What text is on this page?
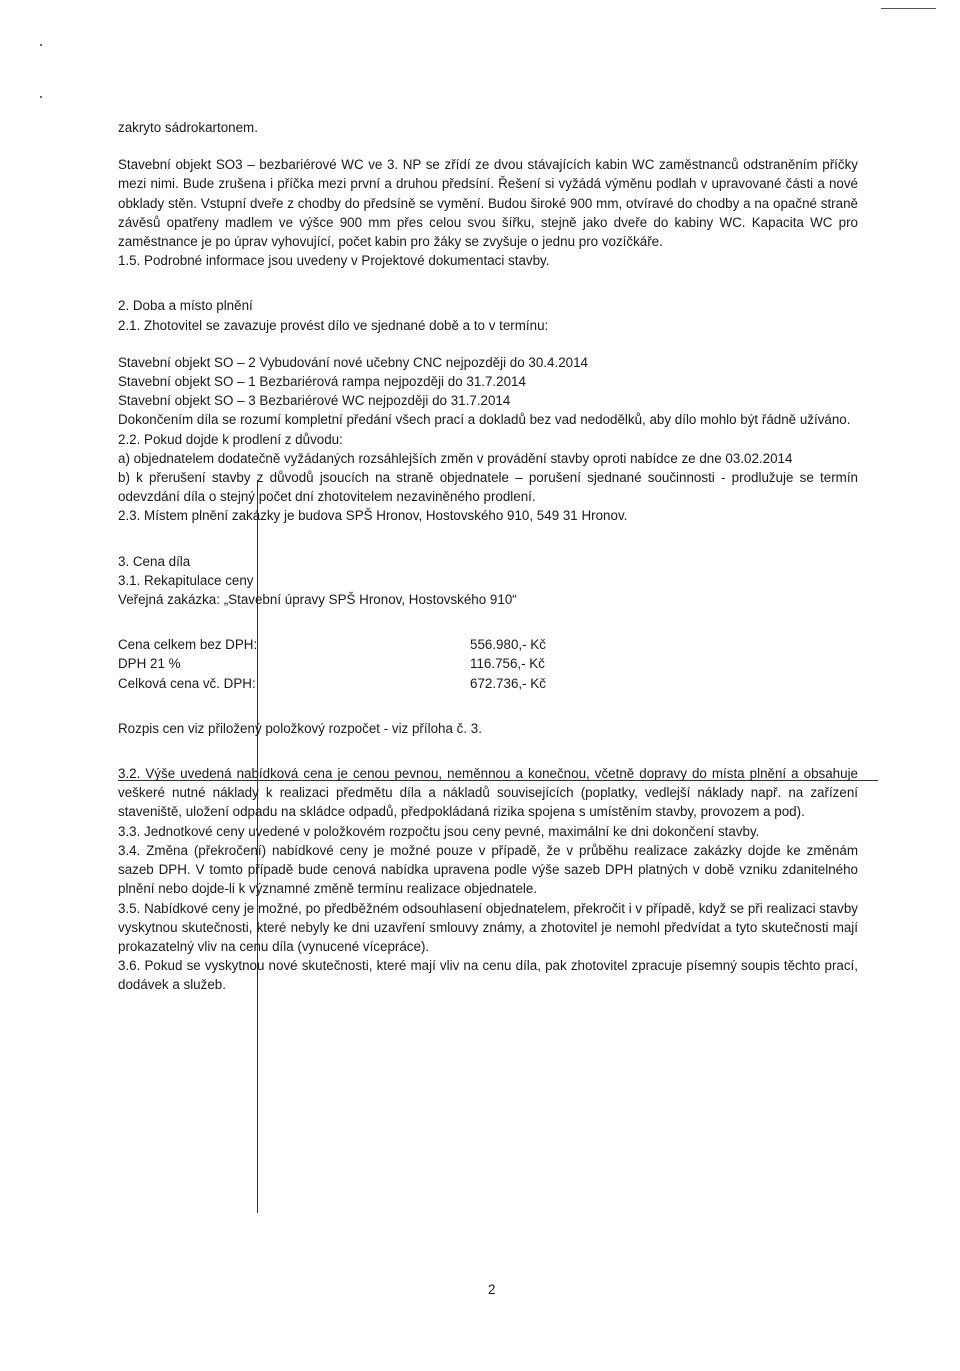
zakryto sádrokartonem.

Stavební objekt SO3 – bezbariérové WC ve 3. NP se zřídí ze dvou stávajících kabin WC zaměstnanců odstraněním příčky mezi nimi. Bude zrušena i příčka mezi první a druhou předsíní. Řešení si vyžádá výměnu podlah v upravované části a nové obklady stěn. Vstupní dveře z chodby do předsíně se vymění. Budou široké 900 mm, otvíravé do chodby a na opačné straně závěsů opatřeny madlem ve výšce 900 mm přes celou svou šířku, stejně jako dveře do kabiny WC. Kapacita WC pro zaměstnance je po úprav vyhovující, počet kabin pro žáky se zvyšuje o jednu pro vozíčkáře.

1.5. Podrobné informace jsou uvedeny v Projektové dokumentaci stavby.

2. Doba a místo plnění

2.1. Zhotovitel se zavazuje provést dílo ve sjednané době a to v termínu:

Stavební objekt SO – 2 Vybudování nové učebny CNC nejpozději do 30.4.2014

Stavební objekt SO – 1 Bezbariérová rampa nejpozději do 31.7.2014

Stavební objekt SO – 3 Bezbariérové WC nejpozději do 31.7.2014

Dokončením díla se rozumí kompletní předání všech prací a dokladů bez vad nedodělků, aby dílo mohlo být řádně užíváno.

2.2. Pokud dojde k prodlení z důvodu:

a) objednatelem dodatečně vyžádaných rozsáhlejších změn v provádění stavby oproti nabídce ze dne 03.02.2014

b) k přerušení stavby z důvodů jsoucích na straně objednatele – porušení sjednané součinnosti - prodlužuje se termín odevzdání díla o stejný počet dní zhotovitelem nezaviněného prodlení.

2.3. Místem plnění zakázky je budova SPŠ Hronov, Hostovského 910, 549 31 Hronov.

3. Cena díla

3.1. Rekapitulace ceny

Veřejná zakázka: „Stavební úpravy SPŠ Hronov, Hostovského 910“

Cena celkem bez DPH:	556.980,- Kč
DPH 21 %	116.756,- Kč
Celková cena vč. DPH:	672.736,- Kč

Rozpis cen viz přiložený položkový rozpočet - viz příloha č. 3.

3.2. Výše uvedená nabídková cena je cenou pevnou, neměnnou a konečnou, včetně dopravy do místa plnění a obsahuje veškeré nutné náklady k realizaci předmětu díla a nákladů souvisejících (poplatky, vedlejší náklady např. na zařízení staveniště, uložení odpadu na skládce odpadů, předpokládaná rizika spojena s umístěním stavby, provozem a pod).

3.3. Jednotkové ceny uvedené v položkovém rozpočtu jsou ceny pevné, maximální ke dni dokončení stavby.

3.4. Změna (překročení) nabídkové ceny je možné pouze v případě, že v průběhu realizace zakázky dojde ke změnám sazeb DPH. V tomto případě bude cenová nabídka upravena podle výše sazeb DPH platných v době vzniku zdanitelného plnění nebo dojde-li k významné změně termínu realizace objednatele.

3.5. Nabídkové ceny je možné, po předběžném odsouhlasení objednatelem, překročit i v případě, když se při realizaci stavby vyskytnou skutečnosti, které nebyly ke dni uzavření smlouvy známy, a zhotovitel je nemohl předvídat a tyto skutečnosti mají prokazatelný vliv na cenu díla (vynucené vícepráce).

3.6. Pokud se vyskytnou nové skutečnosti, které mají vliv na cenu díla, pak zhotovitel zpracuje písemný soupis těchto prací, dodávek a služeb.

2
